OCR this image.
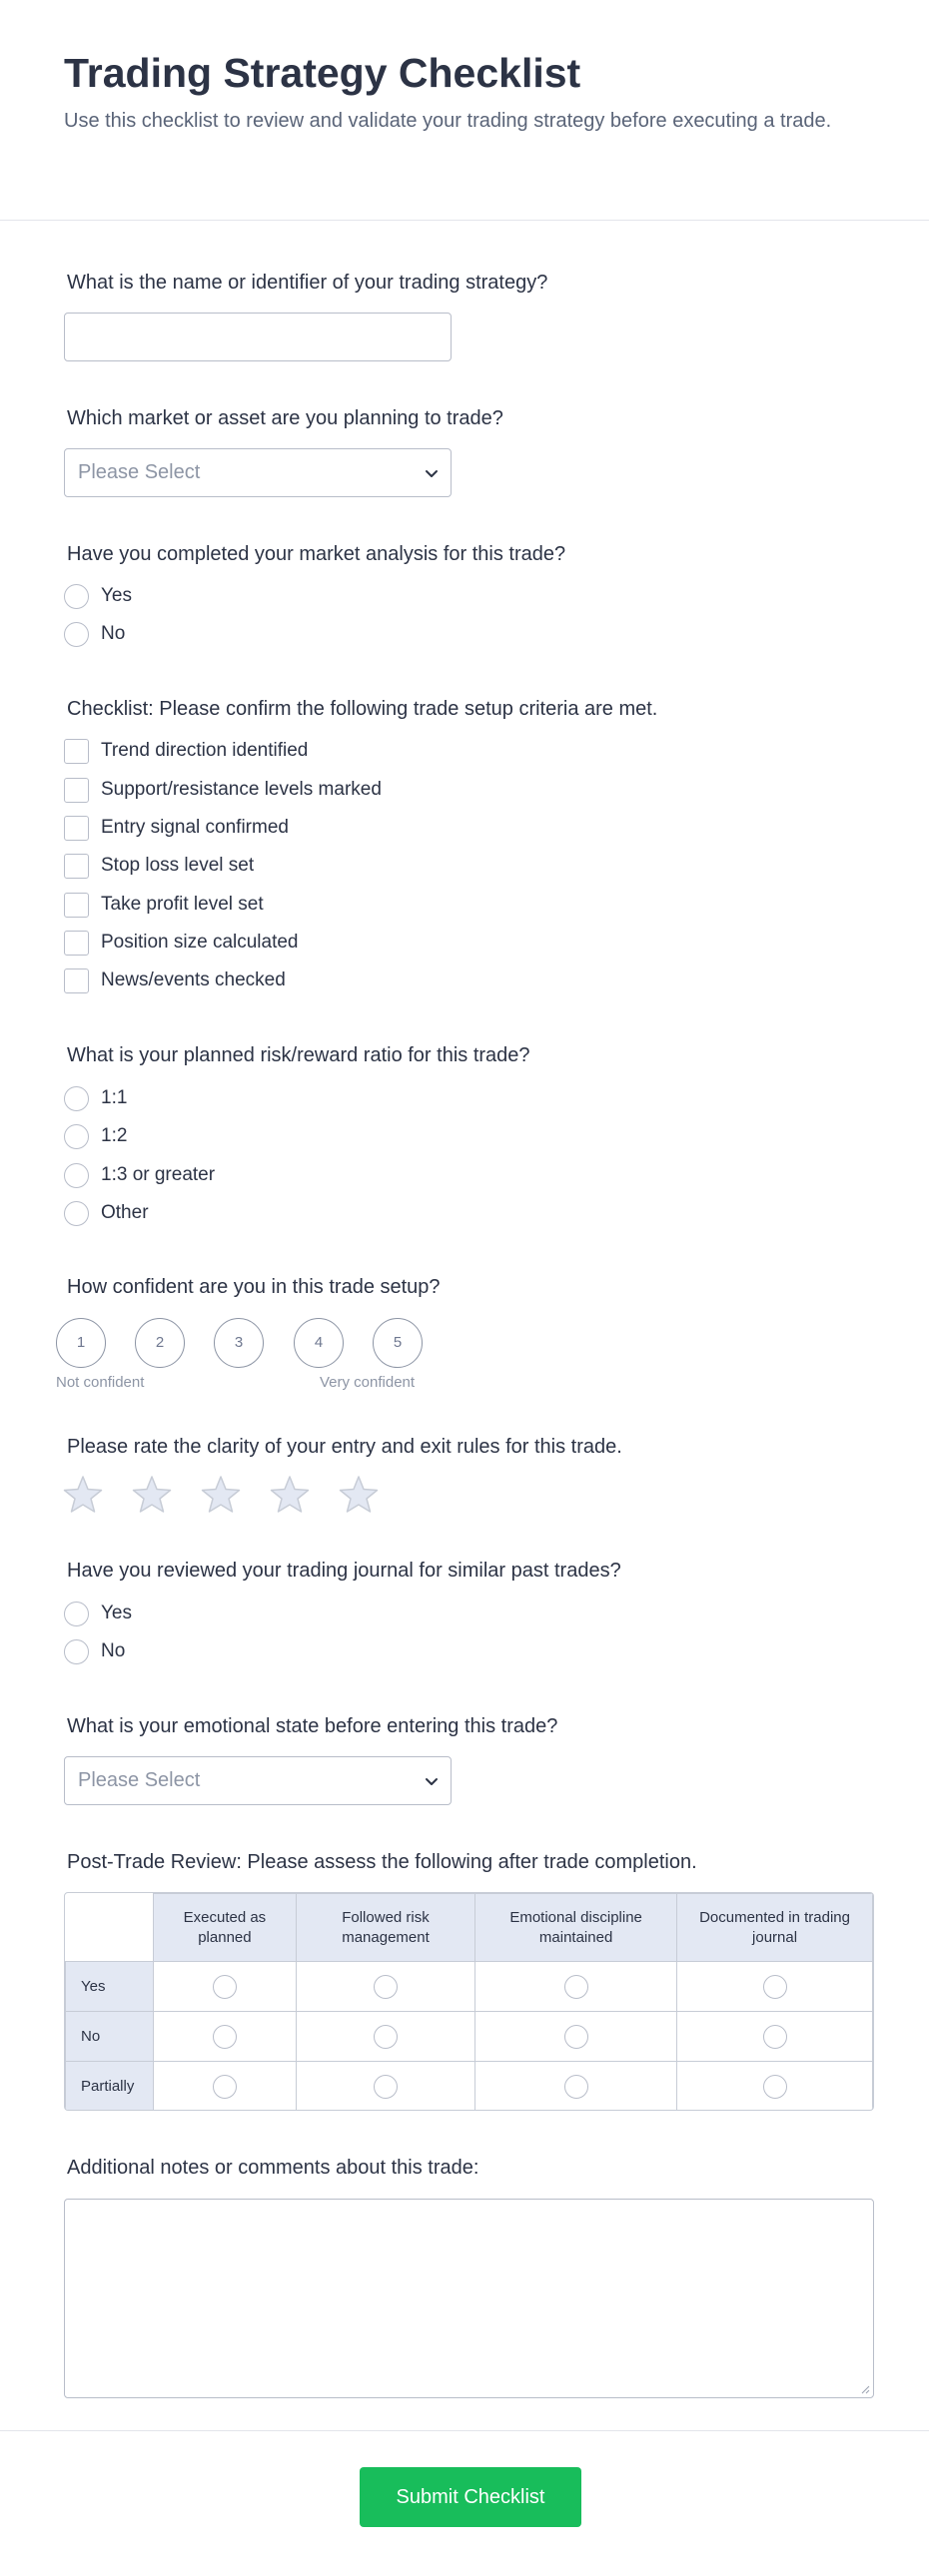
Trading Strategy Checklist
Use this checklist to review and validate your trading strategy before executing a trade.
What is the name or identifier of your trading strategy?
Which market or asset are you planning to trade?
Please Select
Have you completed your market analysis for this trade?
Yes
No
Checklist: Please confirm the following trade setup criteria are met.
Trend direction identified
Support/resistance levels marked
Entry signal confirmed
Stop loss level set
Take profit level set
Position size calculated
News/events checked
What is your planned risk/reward ratio for this trade?
1:1
1:2
1:3 or greater
Other
How confident are you in this trade setup?
1	2	3	4	5
Not confident	Very confident
Please rate the clarity of your entry and exit rules for this trade.
Have you reviewed your trading journal for similar past trades?
Yes
No
What is your emotional state before entering this trade?
Please Select
Post-Trade Review: Please assess the following after trade completion.
	Executed as planned	Followed risk management	Emotional discipline maintained	Documented in trading journal
Yes				
No				
Partially				
Additional notes or comments about this trade:
Submit Checklist
